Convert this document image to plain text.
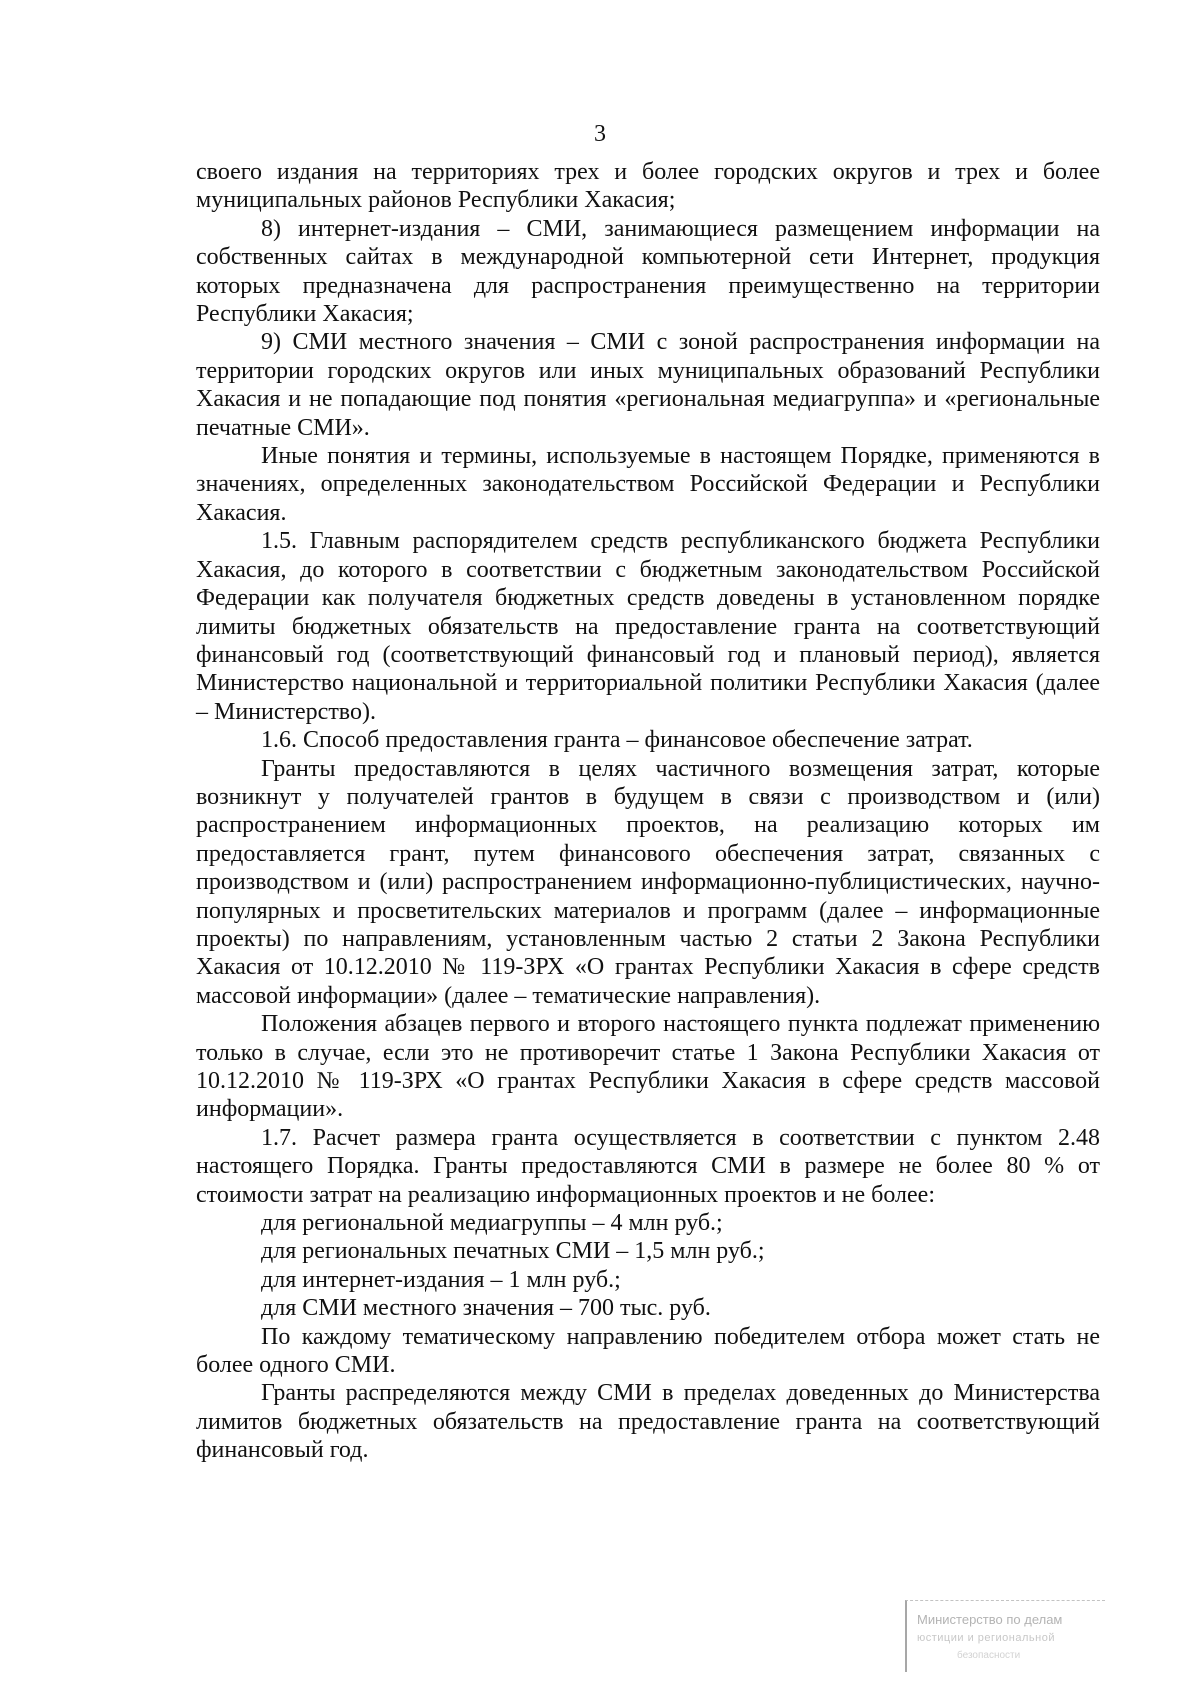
3

своего издания на территориях трех и более городских округов и трех и более муниципальных районов Республики Хакасия;

8) интернет-издания – СМИ, занимающиеся размещением информации на собственных сайтах в международной компьютерной сети Интернет, продукция которых предназначена для распространения преимущественно на территории Республики Хакасия;

9) СМИ местного значения – СМИ с зоной распространения информации на территории городских округов или иных муниципальных образований Республики Хакасия и не попадающие под понятия «региональная медиагруппа» и «региональные печатные СМИ».

Иные понятия и термины, используемые в настоящем Порядке, применяются в значениях, определенных законодательством Российской Федерации и Республики Хакасия.

1.5. Главным распорядителем средств республиканского бюджета Республики Хакасия, до которого в соответствии с бюджетным законодательством Российской Федерации как получателя бюджетных средств доведены в установленном порядке лимиты бюджетных обязательств на предоставление гранта на соответствующий финансовый год (соответствующий финансовый год и плановый период), является Министерство национальной и территориальной политики Республики Хакасия (далее – Министерство).

1.6. Способ предоставления гранта – финансовое обеспечение затрат.

Гранты предоставляются в целях частичного возмещения затрат, которые возникнут у получателей грантов в будущем в связи с производством и (или) распространением информационных проектов, на реализацию которых им предоставляется грант, путем финансового обеспечения затрат, связанных с производством и (или) распространением информационно-публицистических, научно-популярных и просветительских материалов и программ (далее – информационные проекты) по направлениям, установленным частью 2 статьи 2 Закона Республики Хакасия от 10.12.2010 № 119-ЗРХ «О грантах Республики Хакасия в сфере средств массовой информации» (далее – тематические направления).

Положения абзацев первого и второго настоящего пункта подлежат применению только в случае, если это не противоречит статье 1 Закона Республики Хакасия от 10.12.2010 № 119-ЗРХ «О грантах Республики Хакасия в сфере средств массовой информации».

1.7. Расчет размера гранта осуществляется в соответствии с пунктом 2.48 настоящего Порядка. Гранты предоставляются СМИ в размере не более 80 % от стоимости затрат на реализацию информационных проектов и не более:

для региональной медиагруппы – 4 млн руб.;

для региональных печатных СМИ – 1,5 млн руб.;

для интернет-издания – 1 млн руб.;

для СМИ местного значения – 700 тыс. руб.

По каждому тематическому направлению победителем отбора может стать не более одного СМИ.

Гранты распределяются между СМИ в пределах доведенных до Министерства лимитов бюджетных обязательств на предоставление гранта на соответствующий финансовый год.

Министерство по делам
юстиции и региональной
безопасности
